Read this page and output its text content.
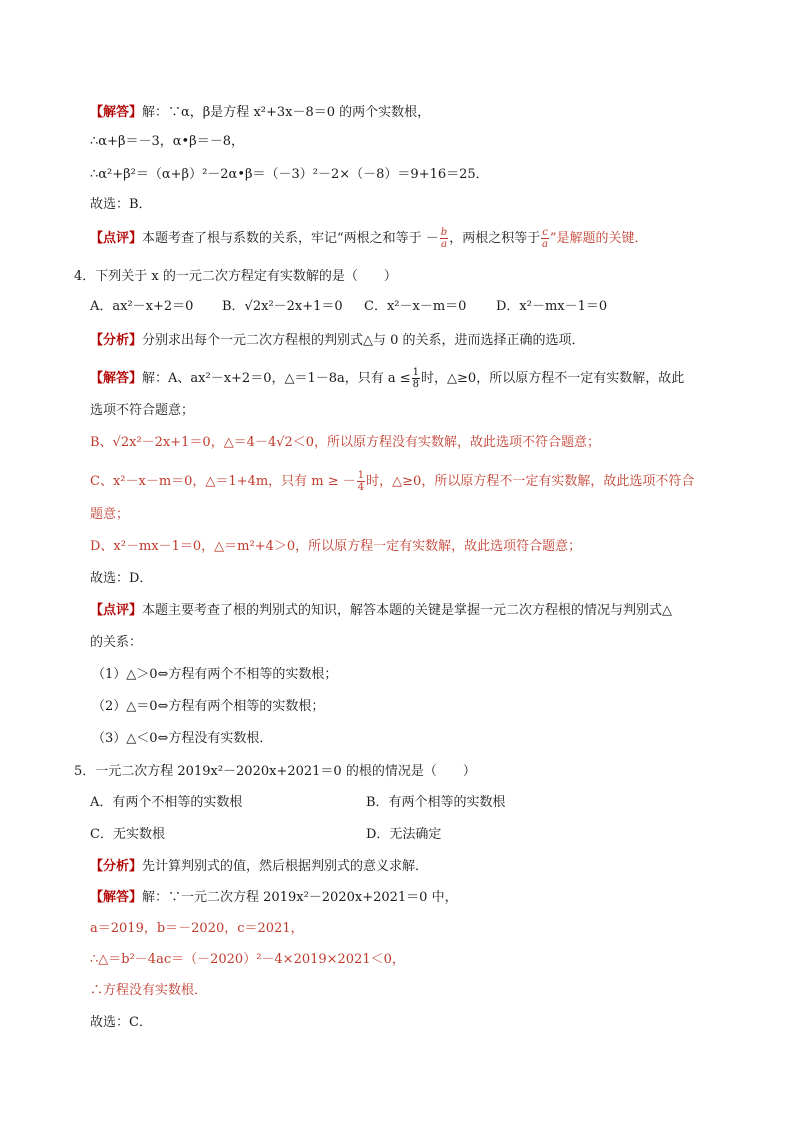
【解答】解：∵α，β是方程 x²+3x－8＝0 的两个实数根，
∴α+β＝－3，α•β＝－8，
∴α²+β²＝（α+β）²－2α•β＝（－3）²－2×（－8）＝9+16＝25．
故选：B．
【点评】本题考查了根与系数的关系，牢记“两根之和等于 － $\frac{b}{a}$ ，两根之积等于 $\frac{c}{a}$ ”是解题的关键．
4．下列关于 x 的一元二次方程定有实数解的是（　　）
A．ax²－x+2＝0 B．√2x²－2x+1＝0 C．x²－x－m＝0 D．x²－mx－1＝0
【分析】分别求出每个一元二次方程根的判别式△与 0 的关系，进而选择正确的选项．
【解答】解：A、ax²－x+2＝0，△＝1－8a，只有 $a \le \frac{1}{8}$ 时，△≥0，所以原方程不一定有实数解，故此
选项不符合题意；
B、√2x²－2x+1＝0，△＝4－4√2＜0，所以原方程没有实数解，故此选项不符合题意；
C、x²－x－m＝0，△＝1+4m，只有 m ≥ － $\frac{1}{4}$ 时，△≥0，所以原方程不一定有实数解，故此选项不符合
题意；
D、x²－mx－1＝0，△＝m²+4＞0，所以原方程一定有实数解，故此选项符合题意；
故选：D．
【点评】本题主要考查了根的判别式的知识，解答本题的关键是掌握一元二次方程根的情况与判别式△
的关系：
（1）△＞0⇔方程有两个不相等的实数根；
（2）△＝0⇔方程有两个相等的实数根；
（3）△＜0⇔方程没有实数根．
5．一元二次方程 2019x²－2020x+2021＝0 的根的情况是（　　）
A．有两个不相等的实数根	B．有两个相等的实数根
C．无实数根	D．无法确定
【分析】先计算判别式的值，然后根据判别式的意义求解．
【解答】解：∵一元二次方程 2019x²－2020x+2021＝0 中，
a＝2019，b＝－2020，c＝2021，
∴△＝b²－4ac＝（－2020）²－4×2019×2021＜0，
∴方程没有实数根．
故选：C．
